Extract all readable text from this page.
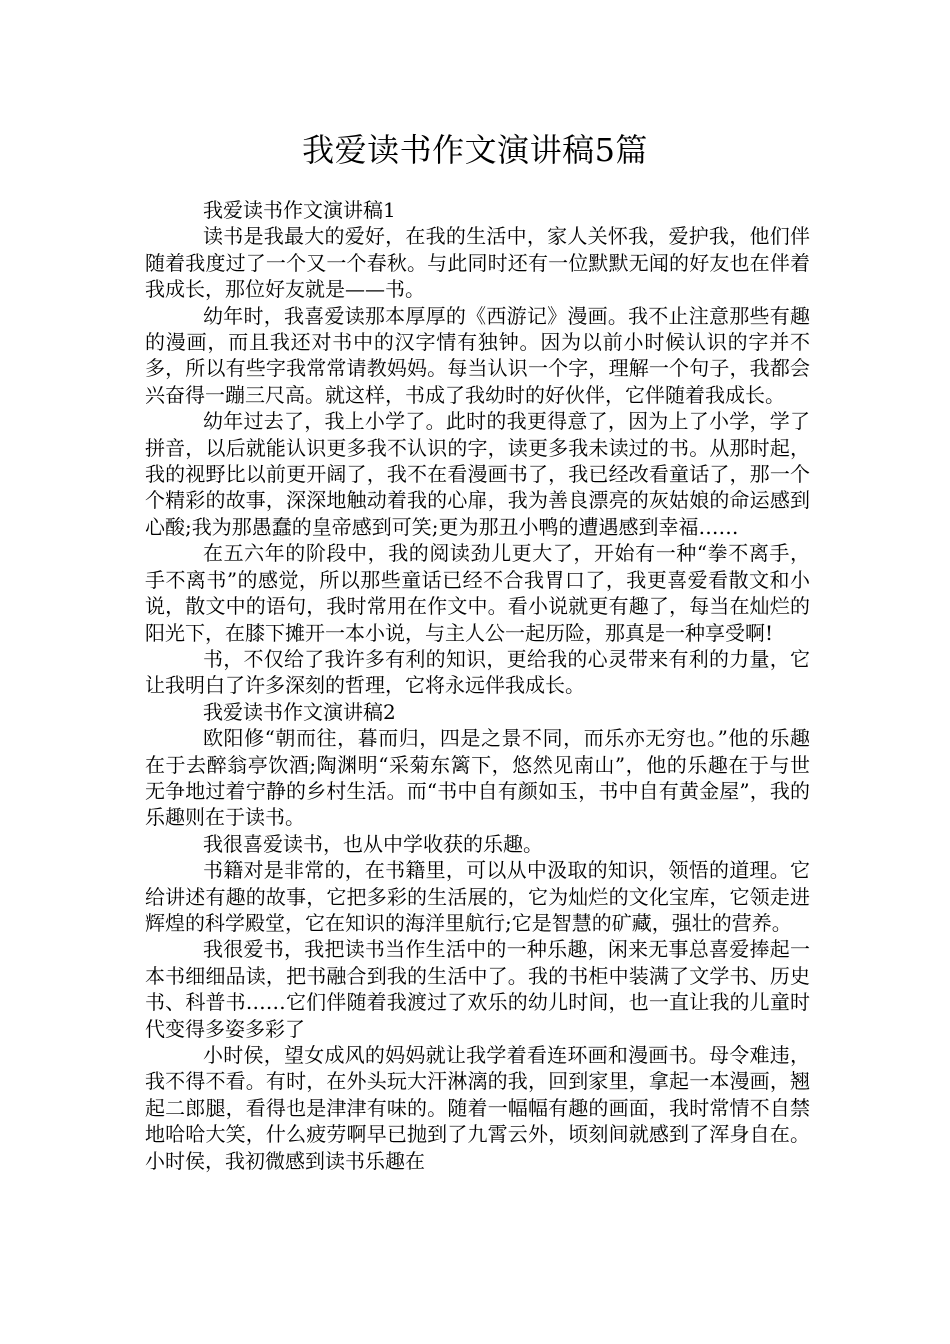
我爱读书作文演讲稿5篇

我爱读书作文演讲稿1

读书是我最大的爱好，在我的生活中，家人关怀我，爱护我，他们伴随着我度过了一个又一个春秋。与此同时还有一位默默无闻的好友也在伴着我成长，那位好友就是——书。

幼年时，我喜爱读那本厚厚的《西游记》漫画。我不止注意那些有趣的漫画，而且我还对书中的汉字情有独钟。因为以前小时候认识的字并不多，所以有些字我常常请教妈妈。每当认识一个字，理解一个句子，我都会兴奋得一蹦三尺高。就这样，书成了我幼时的好伙伴，它伴随着我成长。

幼年过去了，我上小学了。此时的我更得意了，因为上了小学，学了拼音，以后就能认识更多我不认识的字，读更多我未读过的书。从那时起，我的视野比以前更开阔了，我不在看漫画书了，我已经改看童话了，那一个个精彩的故事，深深地触动着我的心扉，我为善良漂亮的灰姑娘的命运感到心酸;我为那愚蠢的皇帝感到可笑;更为那丑小鸭的遭遇感到幸福……

在五六年的阶段中，我的阅读劲儿更大了，开始有一种“拳不离手，手不离书”的感觉，所以那些童话已经不合我胃口了，我更喜爱看散文和小说，散文中的语句，我时常用在作文中。看小说就更有趣了，每当在灿烂的阳光下，在膝下摊开一本小说，与主人公一起历险，那真是一种享受啊!

书，不仅给了我许多有利的知识，更给我的心灵带来有利的力量，它让我明白了许多深刻的哲理，它将永远伴我成长。

我爱读书作文演讲稿2

欧阳修“朝而往，暮而归，四是之景不同，而乐亦无穷也。”他的乐趣在于去醉翁亭饮酒;陶渊明“采菊东篱下，悠然见南山”，他的乐趣在于与世无争地过着宁静的乡村生活。而“书中自有颜如玉，书中自有黄金屋”，我的乐趣则在于读书。

我很喜爱读书，也从中学收获的乐趣。

书籍对是非常的，在书籍里，可以从中汲取的知识，领悟的道理。它给讲述有趣的故事，它把多彩的生活展的，它为灿烂的文化宝库，它领走进辉煌的科学殿堂，它在知识的海洋里航行;它是智慧的矿藏，强壮的营养。

我很爱书，我把读书当作生活中的一种乐趣，闲来无事总喜爱捧起一本书细细品读，把书融合到我的生活中了。我的书柜中装满了文学书、历史书、科普书……它们伴随着我渡过了欢乐的幼儿时间，也一直让我的儿童时代变得多姿多彩了

小时侯，望女成风的妈妈就让我学着看连环画和漫画书。母令难违，我不得不看。有时，在外头玩大汗淋漓的我，回到家里，拿起一本漫画，翘起二郎腿，看得也是津津有味的。随着一幅幅有趣的画面，我时常情不自禁地哈哈大笑，什么疲劳啊早已抛到了九霄云外，顷刻间就感到了浑身自在。小时侯，我初微感到读书乐趣在
